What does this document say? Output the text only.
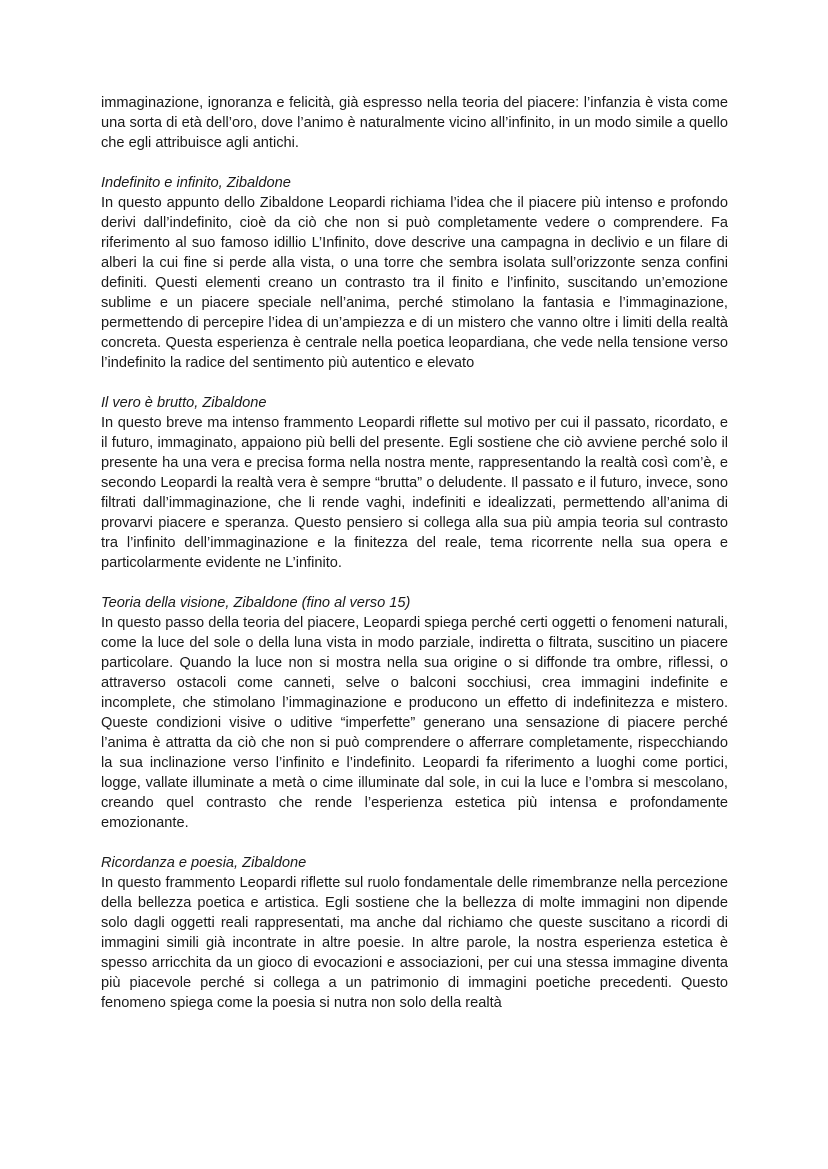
immaginazione, ignoranza e felicità, già espresso nella teoria del piacere: l’infanzia è vista come una sorta di età dell’oro, dove l’animo è naturalmente vicino all’infinito, in un modo simile a quello che egli attribuisce agli antichi.

Indefinito e infinito, Zibaldone

In questo appunto dello Zibaldone Leopardi richiama l’idea che il piacere più intenso e profondo derivi dall’indefinito, cioè da ciò che non si può completamente vedere o comprendere. Fa riferimento al suo famoso idillio L’Infinito, dove descrive una campagna in declivio e un filare di alberi la cui fine si perde alla vista, o una torre che sembra isolata sull’orizzonte senza confini definiti. Questi elementi creano un contrasto tra il finito e l’infinito, suscitando un’emozione sublime e un piacere speciale nell’anima, perché stimolano la fantasia e l’immaginazione, permettendo di percepire l’idea di un’ampiezza e di un mistero che vanno oltre i limiti della realtà concreta. Questa esperienza è centrale nella poetica leopardiana, che vede nella tensione verso l’indefinito la radice del sentimento più autentico e elevato

Il vero è brutto, Zibaldone

In questo breve ma intenso frammento Leopardi riflette sul motivo per cui il passato, ricordato, e il futuro, immaginato, appaiono più belli del presente. Egli sostiene che ciò avviene perché solo il presente ha una vera e precisa forma nella nostra mente, rappresentando la realtà così com’è, e secondo Leopardi la realtà vera è sempre “brutta” o deludente. Il passato e il futuro, invece, sono filtrati dall’immaginazione, che li rende vaghi, indefiniti e idealizzati, permettendo all’anima di provarvi piacere e speranza. Questo pensiero si collega alla sua più ampia teoria sul contrasto tra l’infinito dell’immaginazione e la finitezza del reale, tema ricorrente nella sua opera e particolarmente evidente ne L’infinito.

Teoria della visione, Zibaldone (fino al verso 15)

In questo passo della teoria del piacere, Leopardi spiega perché certi oggetti o fenomeni naturali, come la luce del sole o della luna vista in modo parziale, indiretta o filtrata, suscitino un piacere particolare. Quando la luce non si mostra nella sua origine o si diffonde tra ombre, riflessi, o attraverso ostacoli come canneti, selve o balconi socchiusi, crea immagini indefinite e incomplete, che stimolano l’immaginazione e producono un effetto di indefinitezza e mistero. Queste condizioni visive o uditive “imperfette” generano una sensazione di piacere perché l’anima è attratta da ciò che non si può comprendere o afferrare completamente, rispecchiando la sua inclinazione verso l’infinito e l’indefinito. Leopardi fa riferimento a luoghi come portici, logge, vallate illuminate a metà o cime illuminate dal sole, in cui la luce e l’ombra si mescolano, creando quel contrasto che rende l’esperienza estetica più intensa e profondamente emozionante.

Ricordanza e poesia, Zibaldone

In questo frammento Leopardi riflette sul ruolo fondamentale delle rimembranze nella percezione della bellezza poetica e artistica. Egli sostiene che la bellezza di molte immagini non dipende solo dagli oggetti reali rappresentati, ma anche dal richiamo che queste suscitano a ricordi di immagini simili già incontrate in altre poesie. In altre parole, la nostra esperienza estetica è spesso arricchita da un gioco di evocazioni e associazioni, per cui una stessa immagine diventa più piacevole perché si collega a un patrimonio di immagini poetiche precedenti. Questo fenomeno spiega come la poesia si nutra non solo della realtà
